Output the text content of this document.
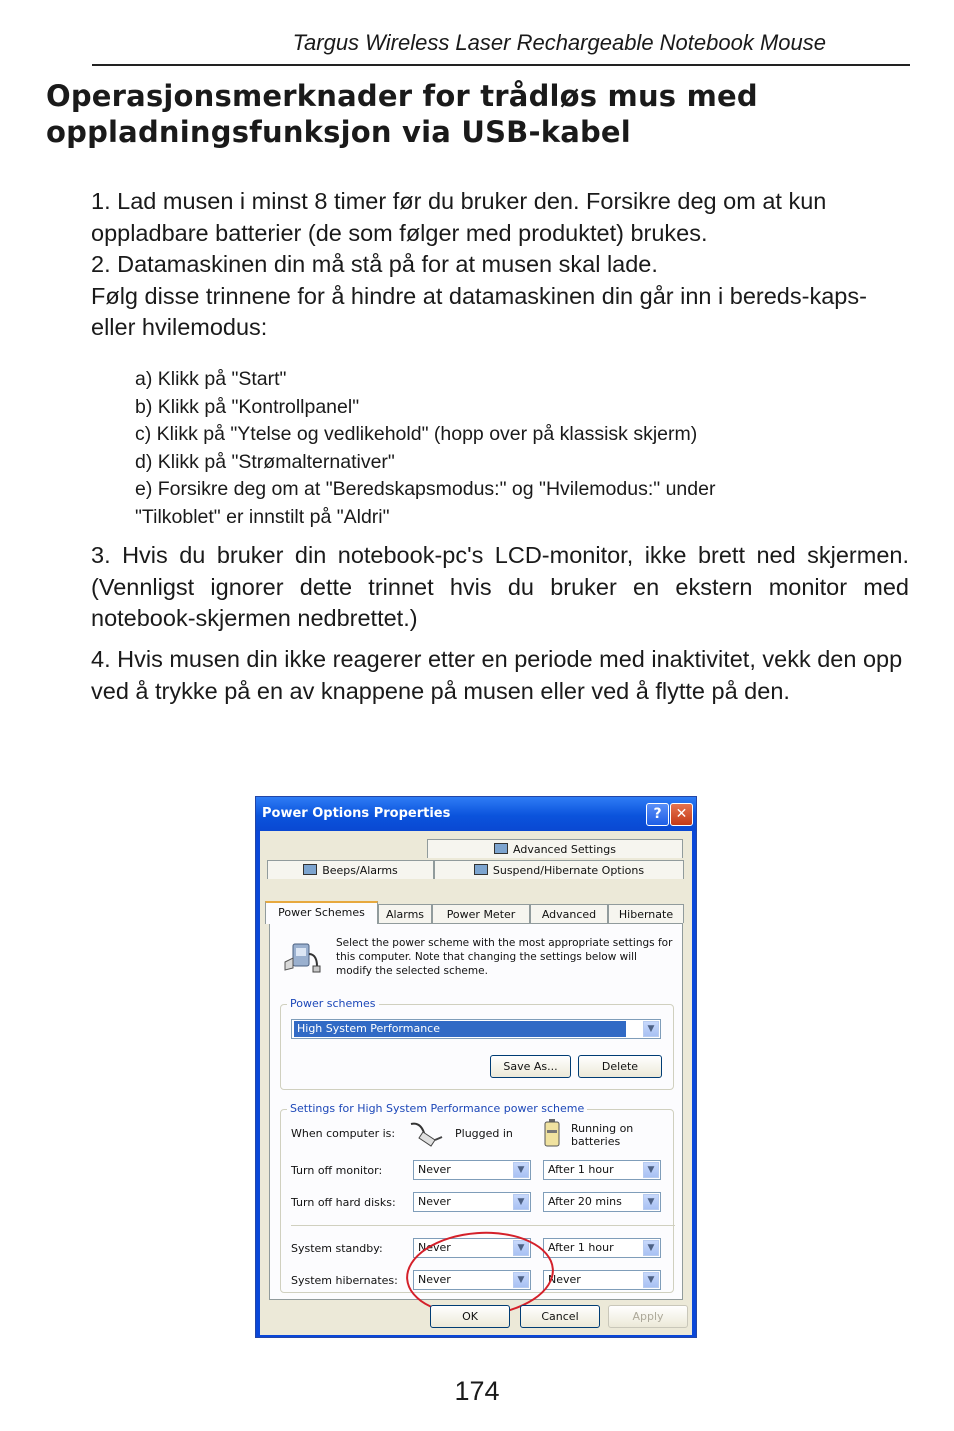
Targus Wireless Laser Rechargeable Notebook Mouse
Operasjonsmerknader for trådløs mus med
oppladningsfunksjon via USB-kabel
1. Lad musen i minst 8 timer før du bruker den. Forsikre deg om at kun oppladbare batterier (de som følger med produktet) brukes.
2. Datamaskinen din må stå på for at musen skal lade.
Følg disse trinnene for å hindre at datamaskinen din går inn i bereds-kaps- eller hvilemodus:
a) Klikk på "Start"
b) Klikk på "Kontrollpanel"
c) Klikk på "Ytelse og vedlikehold" (hopp over på klassisk skjerm)
d) Klikk på "Strømalternativer"
e) Forsikre deg om at "Beredskapsmodus:" og "Hvilemodus:" under
"Tilkoblet" er innstilt på "Aldri"
3. Hvis du bruker din notebook-pc's LCD-monitor, ikke brett ned skjermen. (Vennligst ignorer dette trinnet hvis du bruker en ekstern monitor med notebook-skjermen nedbrettet.)
4. Hvis musen din ikke reagerer etter en periode med inaktivitet, vekk den opp ved å trykke på en av knappene på musen eller ved å flytte på den.
Power Options Properties	?	✕
Advanced Settings
Beeps/Alarms	Suspend/Hibernate Options
Power Schemes	Alarms	Power Meter	Advanced	Hibernate
Select the power scheme with the most appropriate settings for this computer. Note that changing the settings below will modify the selected scheme.
Power schemes
High System Performance	▼
Save As...	Delete
Settings for High System Performance power scheme
When computer is:	Plugged in	Running on batteries
Turn off monitor:	Never	▼	After 1 hour	▼
Turn off hard disks: Never	▼	After 20 mins	▼
System standby:	Never	▼	After 1 hour	▼
System hibernates: Never	▼	Never	▼
OK	Cancel	Apply
174
